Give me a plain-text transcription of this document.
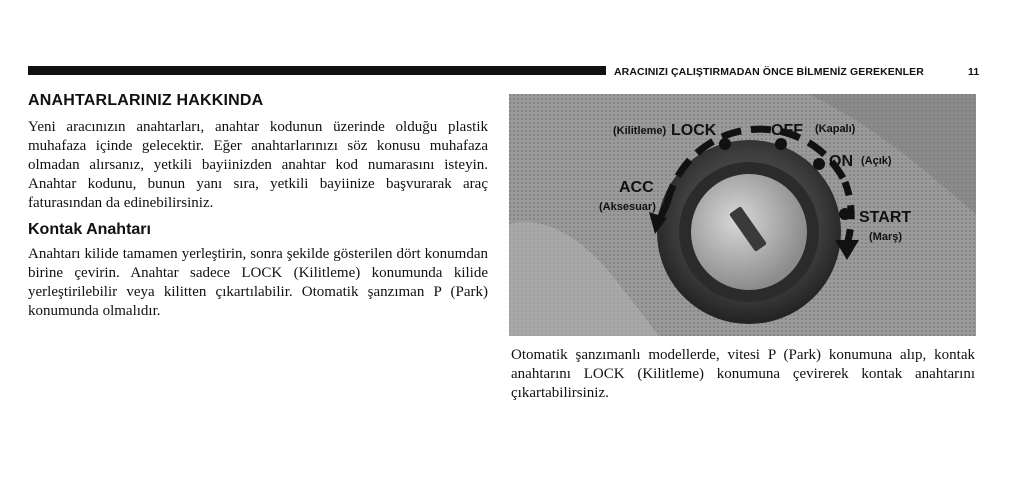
ARACINIZI ÇALIŞTIRMADAN ÖNCE BİLMENİZ GEREKENLER	11
ANAHTARLARINIZ HAKKINDA

Yeni aracınızın anahtarları, anahtar kodunun üzerinde olduğu plastik muhafaza içinde gelecektir. Eğer anahtarlarınızı söz konusu muhafaza olmadan alırsanız, yetkili bayiinizden anahtar kod numarasını isteyin. Anahtar kodunu, bunun yanı sıra, yetkili bayiinize başvurarak araç faturasından da edinebilirsiniz.

Kontak Anahtarı

Anahtarı kilide tamamen yerleştirin, sonra şekilde gösterilen dört konumdan birine çevirin. Anahtar sadece LOCK (Kilitleme) konumunda kilide yerleştirilebilir veya kilitten çıkartılabilir. Otomatik şanzıman P (Park) konumunda olmalıdır.

(Kilitleme) LOCK	OFF (Kapalı)
ON (Açık)
ACC
(Aksesuar)
START
(Marş)

Otomatik şanzımanlı modellerde, vitesi P (Park) konumuna alıp, kontak anahtarını LOCK (Kilitleme) konumuna çevirerek kontak anahtarını çıkartabilirsiniz.
